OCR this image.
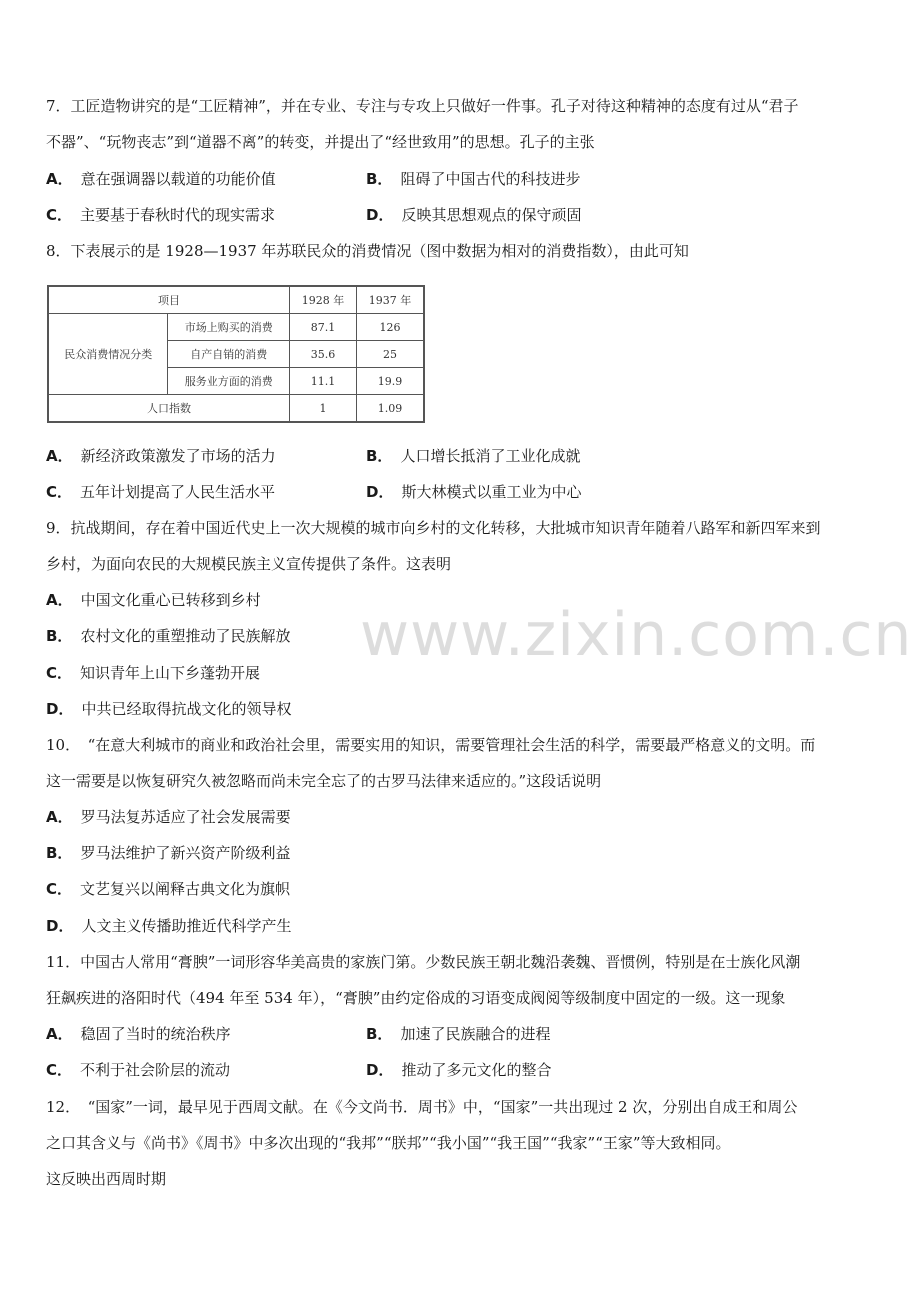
www.zixin.com.cn
7．工匠造物讲究的是“工匠精神”，并在专业、专注与专攻上只做好一件事。孔子对待这种精神的态度有过从“君子
不器”、“玩物丧志”到“道器不离”的转变，并提出了“经世致用”的思想。孔子的主张
A． 意在强调器以载道的功能价值	B． 阻碍了中国古代的科技进步
C． 主要基于春秋时代的现实需求	D． 反映其思想观点的保守顽固
8．下表展示的是 1928—1937 年苏联民众的消费情况（图中数据为相对的消费指数），由此可知
项目		1928 年	1937 年
民众消费情况分类	市场上购买的消费	87.1	126
	自产自销的消费	35.6	25
	服务业方面的消费	11.1	19.9
人口指数		1	1.09
A． 新经济政策激发了市场的活力	B． 人口增长抵消了工业化成就
C． 五年计划提高了人民生活水平	D． 斯大林模式以重工业为中心
9．抗战期间，存在着中国近代史上一次大规模的城市向乡村的文化转移，大批城市知识青年随着八路军和新四军来到
乡村，为面向农民的大规模民族主义宣传提供了条件。这表明
A． 中国文化重心已转移到乡村
B． 农村文化的重塑推动了民族解放
C． 知识青年上山下乡蓬勃开展
D． 中共已经取得抗战文化的领导权
10．　“在意大利城市的商业和政治社会里，需要实用的知识，需要管理社会生活的科学，需要最严格意义的文明。而
这一需要是以恢复研究久被忽略而尚未完全忘了的古罗马法律来适应的。”这段话说明
A． 罗马法复苏适应了社会发展需要
B． 罗马法维护了新兴资产阶级利益
C． 文艺复兴以阐释古典文化为旗帜
D． 人文主义传播助推近代科学产生
11．中国古人常用“膏腴”一词形容华美高贵的家族门第。少数民族王朝北魏沿袭魏、晋惯例，特别是在士族化风潮
狂飙疾进的洛阳时代（494 年至 534 年），“膏腴”由约定俗成的习语变成阀阅等级制度中固定的一级。这一现象
A． 稳固了当时的统治秩序	B． 加速了民族融合的进程
C． 不利于社会阶层的流动	D． 推动了多元文化的整合
12．　“国家”一词，最早见于西周文献。在《今文尚书．周书》中，“国家”一共出现过 2 次，分别出自成王和周公
之口其含义与《尚书》《周书》中多次出现的“我邦”“朕邦”“我小国”“我王国”“我家”“王家”等大致相同。
这反映出西周时期
